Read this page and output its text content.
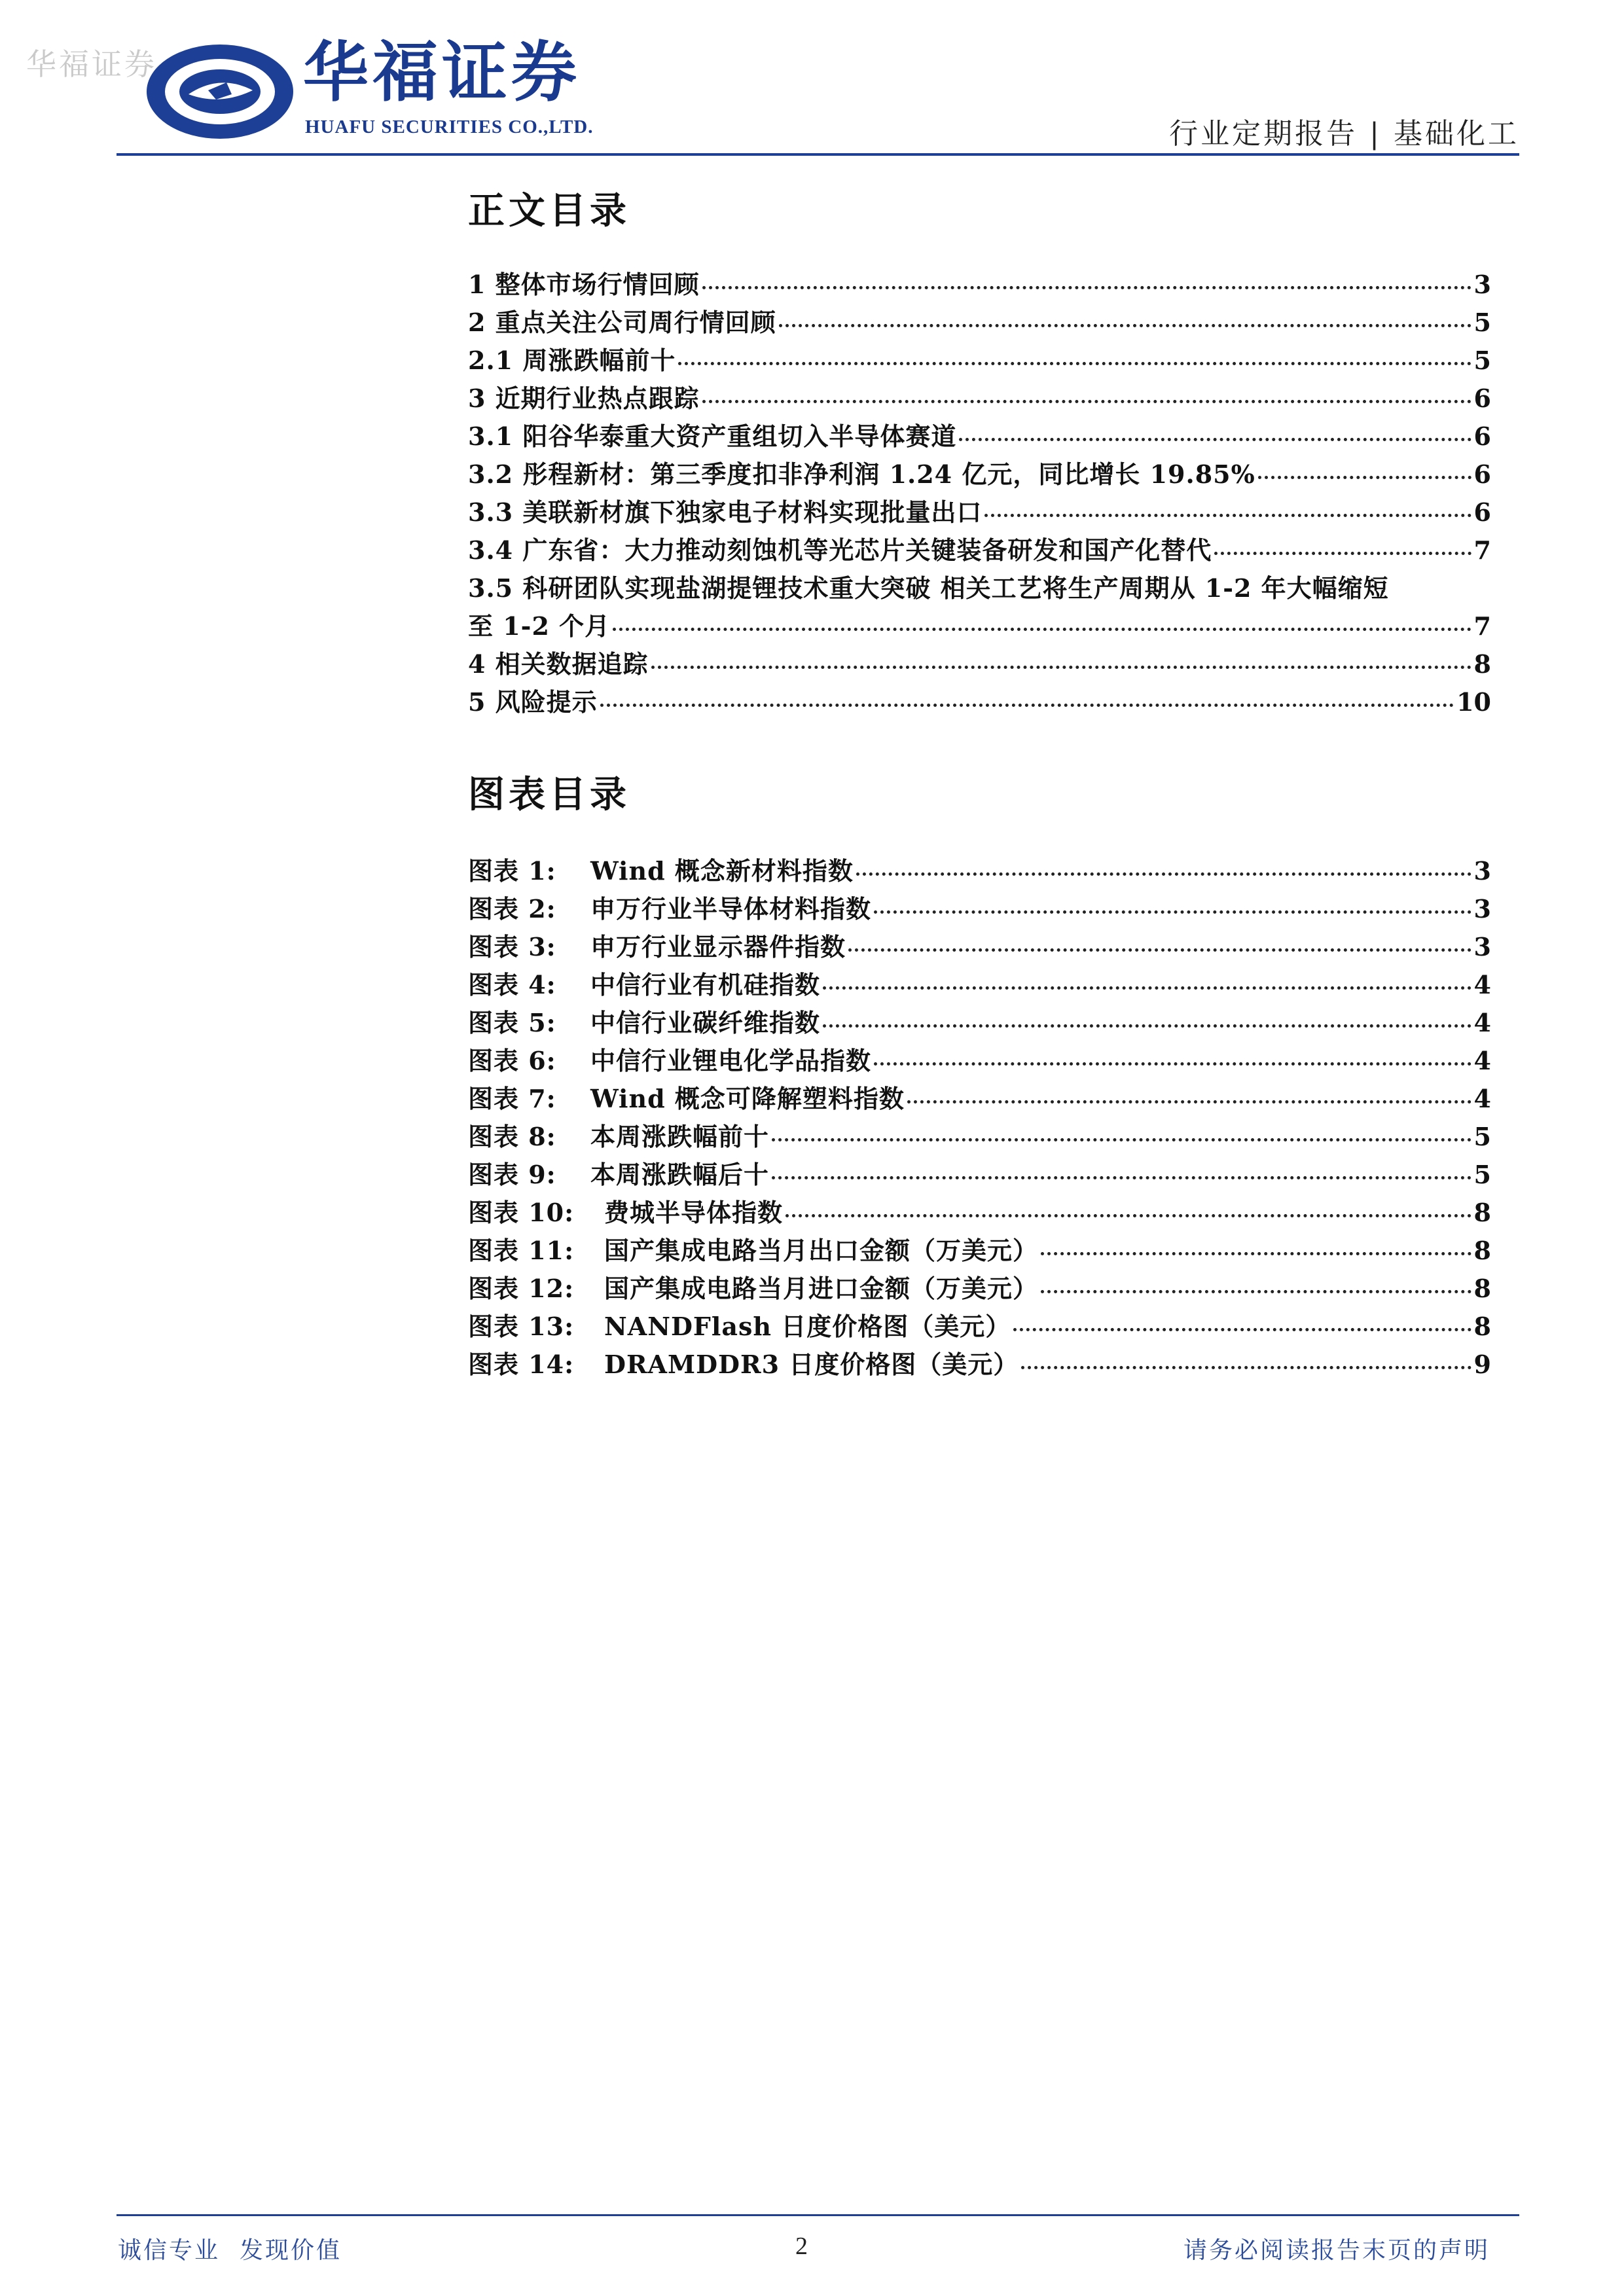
华福证券 华福证券
HUAFU SECURITIES CO.,LTD.	行业定期报告 | 基础化工
正文目录
1 整体市场行情回顾	3
2 重点关注公司周行情回顾	5
2.1 周涨跌幅前十	5
3 近期行业热点跟踪	6
3.1 阳谷华泰重大资产重组切入半导体赛道	6
3.2 彤程新材：第三季度扣非净利润 1.24 亿元，同比增长 19.85%	6
3.3 美联新材旗下独家电子材料实现批量出口	6
3.4 广东省：大力推动刻蚀机等光芯片关键装备研发和国产化替代	7
3.5 科研团队实现盐湖提锂技术重大突破 相关工艺将生产周期从 1-2 年大幅缩短
至 1-2 个月	7
4 相关数据追踪	8
5 风险提示	10
图表目录
图表 1: Wind 概念新材料指数	3
图表 2: 申万行业半导体材料指数	3
图表 3: 申万行业显示器件指数	3
图表 4: 中信行业有机硅指数	4
图表 5: 中信行业碳纤维指数	4
图表 6: 中信行业锂电化学品指数	4
图表 7: Wind 概念可降解塑料指数	4
图表 8: 本周涨跌幅前十	5
图表 9: 本周涨跌幅后十	5
图表 10: 费城半导体指数	8
图表 11: 国产集成电路当月出口金额（万美元）	8
图表 12: 国产集成电路当月进口金额（万美元）	8
图表 13: NANDFlash 日度价格图（美元）	8
图表 14: DRAMDDR3 日度价格图（美元）	9
诚信专业 发现价值	2	请务必阅读报告末页的声明
